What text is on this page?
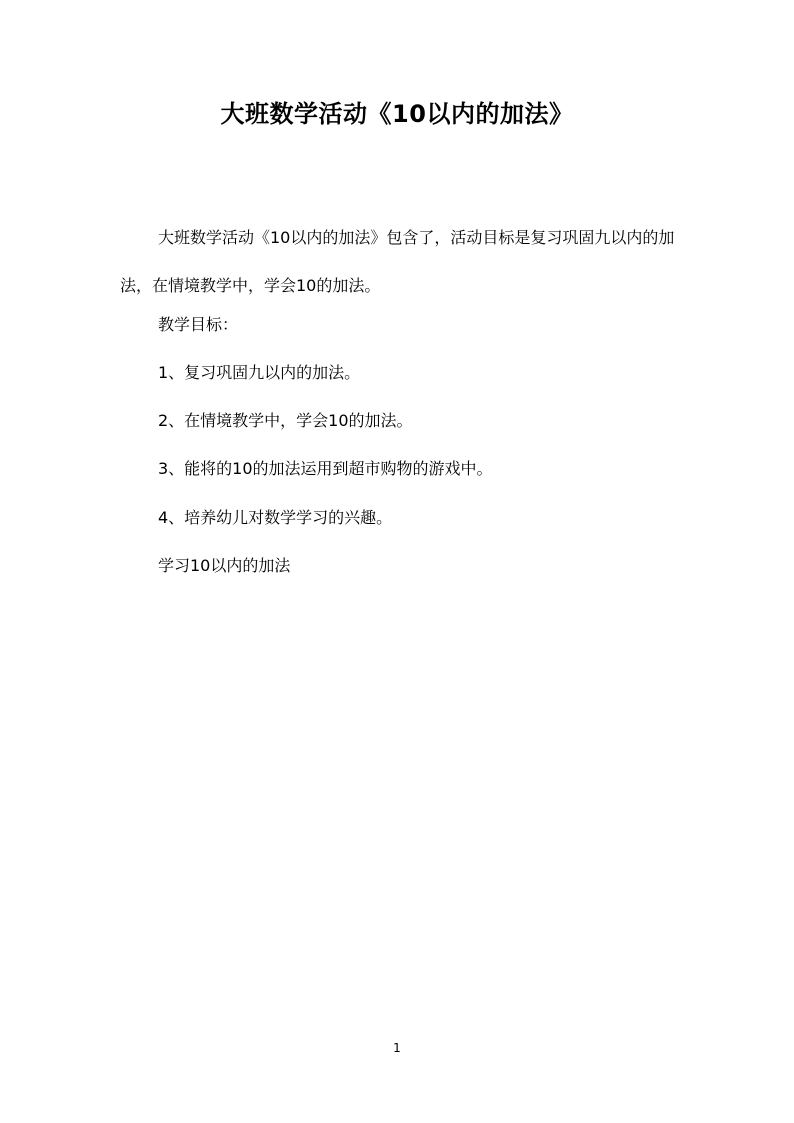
大班数学活动《10以内的加法》
大班数学活动《10以内的加法》包含了，活动目标是复习巩固九以内的加法，在情境教学中，学会10的加法。
教学目标：
1、复习巩固九以内的加法。
2、在情境教学中，学会10的加法。
3、能将的10的加法运用到超市购物的游戏中。
4、培养幼儿对数学学习的兴趣。
学习10以内的加法
1
